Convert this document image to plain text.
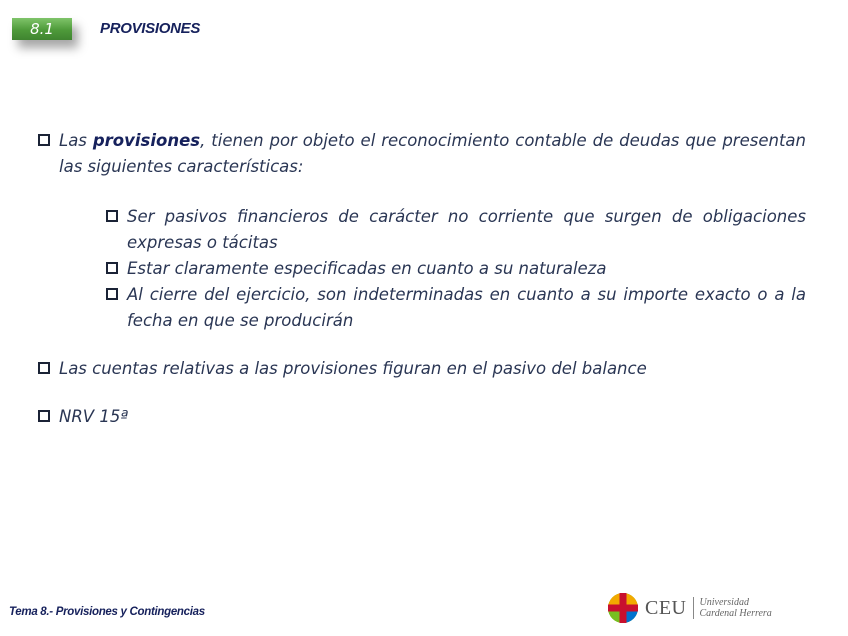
8.1	PROVISIONES
Las provisiones, tienen por objeto el reconocimiento contable de deudas que presentan las siguientes características:
Ser pasivos financieros de carácter no corriente que surgen de obligaciones expresas o tácitas
Estar claramente especificadas en cuanto a su naturaleza
Al cierre del ejercicio, son indeterminadas en cuanto a su importe exacto o a la fecha en que se producirán
Las cuentas relativas a las provisiones figuran en el pasivo del balance
NRV 15ª
Tema 8.- Provisiones y Contingencias	CEU Universidad
Cardenal Herrera
